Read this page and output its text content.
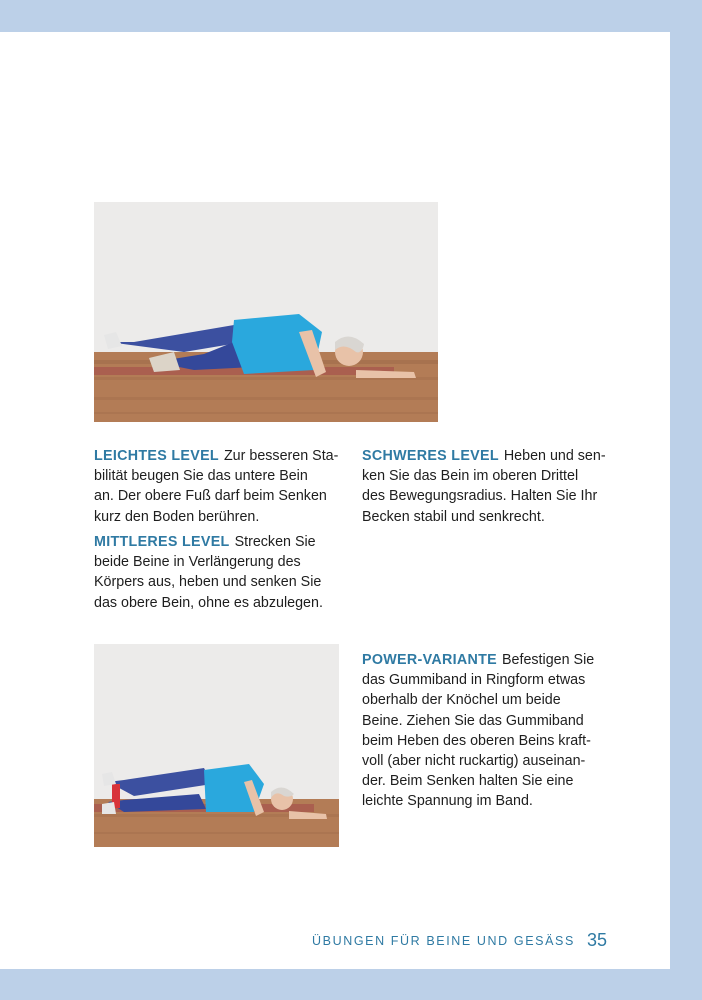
LEICHTES LEVEL Zur besseren Sta-
bilität beugen Sie das untere Bein
an. Der obere Fuß darf beim Senken
kurz den Boden berühren.
MITTLERES LEVEL Strecken Sie
beide Beine in Verlängerung des
Körpers aus, heben und senken Sie
das obere Bein, ohne es abzulegen.
SCHWERES LEVEL Heben und sen-
ken Sie das Bein im oberen Drittel
des Bewegungsradius. Halten Sie Ihr
Becken stabil und senkrecht.
POWER-VARIANTE Befestigen Sie
das Gummiband in Ringform etwas
oberhalb der Knöchel um beide
Beine. Ziehen Sie das Gummiband
beim Heben des oberen Beins kraft-
voll (aber nicht ruckartig) auseinan-
der. Beim Senken halten Sie eine
leichte Spannung im Band.
ÜBUNGEN FÜR BEINE UND GESÄSS 35
